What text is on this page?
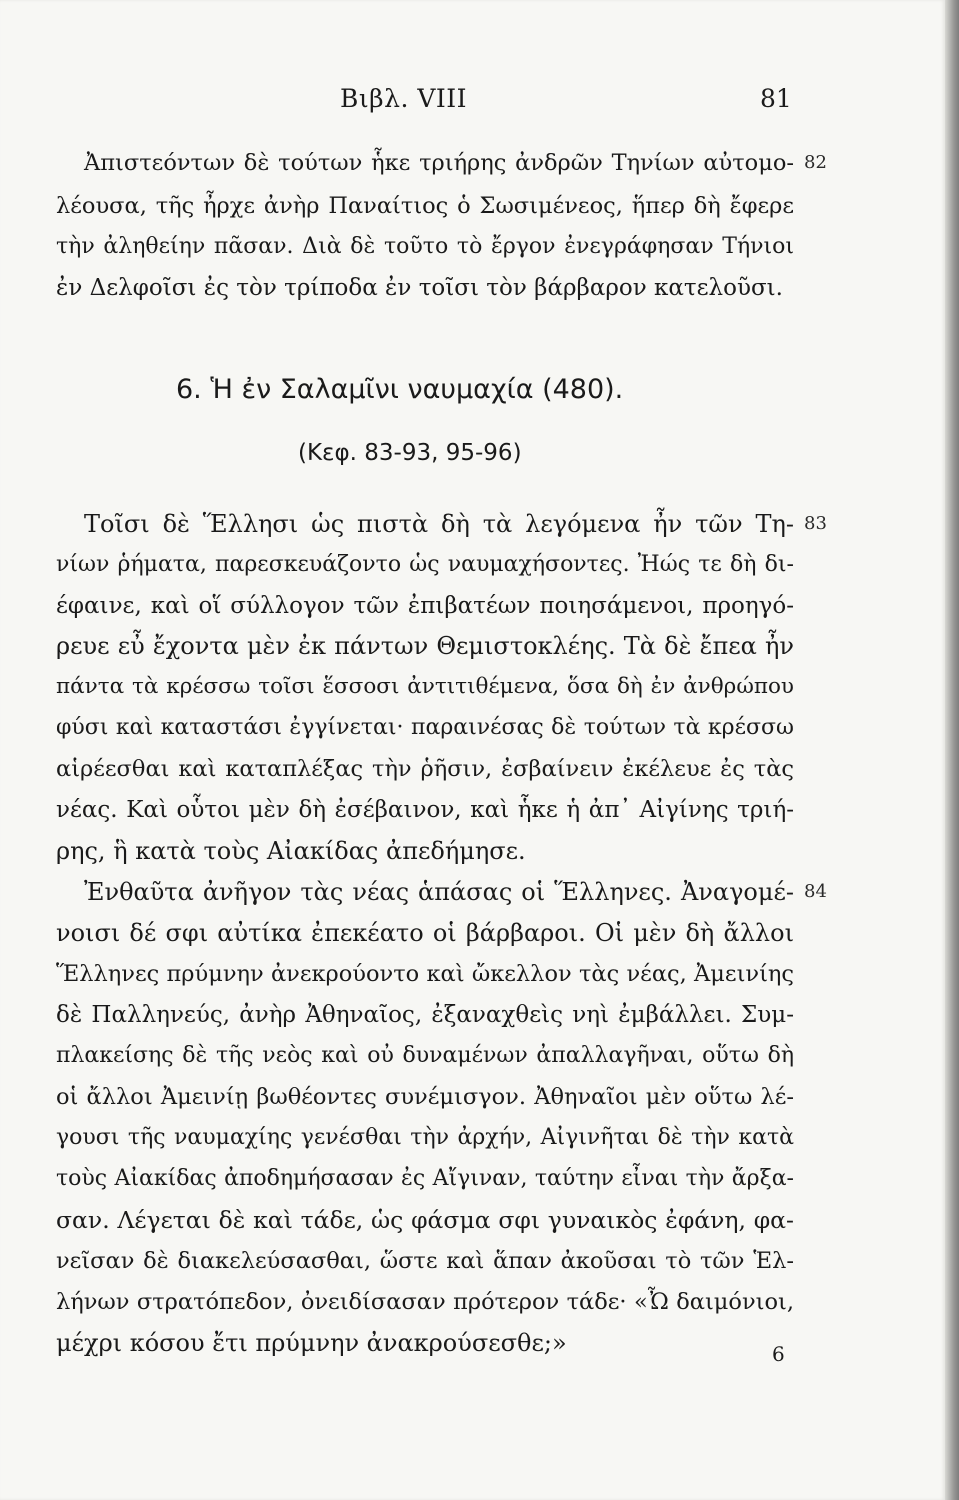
Βιβλ. VIII	81
Ἀπιστεόντων δὲ τούτων ἧκε τριήρης ἀνδρῶν Τηνίων αὐτομο- 82
λέουσα, τῆς ἦρχε ἀνὴρ Παναίτιος ὁ Σωσιμένεος, ἥπερ δὴ ἔφερε
τὴν ἀληθείην πᾶσαν. Διὰ δὲ τοῦτο τὸ ἔργον ἐνεγράφησαν Τήνιοι
ἐν Δελφοῖσι ἐς τὸν τρίποδα ἐν τοῖσι τὸν βάρβαρον κατελοῦσι.
6. Ἡ ἐν Σαλαμῖνι ναυμαχία (480).
(Κεφ. 83-93, 95-96)
Τοῖσι δὲ Ἕλλησι ὡς πιστὰ δὴ τὰ λεγόμενα ἦν τῶν Τη- 83
νίων ῥήματα, παρεσκευάζοντο ὡς ναυμαχήσοντες. Ἠώς τε δὴ δι-
έφαινε, καὶ οἵ σύλλογον τῶν ἐπιβατέων ποιησάμενοι, προηγό-
ρευε εὖ ἔχοντα μὲν ἐκ πάντων Θεμιστοκλέης. Τὰ δὲ ἔπεα ἦν
πάντα τὰ κρέσσω τοῖσι ἕσσοσι ἀντιτιθέμενα, ὅσα δὴ ἐν ἀνθρώπου
φύσι καὶ καταστάσι ἐγγίνεται· παραινέσας δὲ τούτων τὰ κρέσσω
αἱρέεσθαι καὶ καταπλέξας τὴν ῥῆσιν, ἐσβαίνειν ἐκέλευε ἐς τὰς
νέας. Καὶ οὗτοι μὲν δὴ ἐσέβαινον, καὶ ἧκε ἡ ἀπ᾽ Αἰγίνης τριή-
ρης, ἣ κατὰ τοὺς Αἰακίδας ἀπεδήμησε.
Ἐνθαῦτα ἀνῆγον τὰς νέας ἁπάσας οἱ Ἕλληνες. Ἀναγομέ- 84
νοισι δέ σφι αὐτίκα ἐπεκέατο οἱ βάρβαροι. Οἱ μὲν δὴ ἄλλοι
Ἕλληνες πρύμνην ἀνεκρούοντο καὶ ὤκελλον τὰς νέας, Ἀμεινίης
δὲ Παλληνεύς, ἀνὴρ Ἀθηναῖος, ἐξαναχθεὶς νηὶ ἐμβάλλει. Συμ-
πλακείσης δὲ τῆς νεὸς καὶ οὐ δυναμένων ἀπαλλαγῆναι, οὕτω δὴ
οἱ ἄλλοι Ἀμεινίῃ βωθέοντες συνέμισγον. Ἀθηναῖοι μὲν οὕτω λέ-
γουσι τῆς ναυμαχίης γενέσθαι τὴν ἀρχήν, Αἰγινῆται δὲ τὴν κατὰ
τοὺς Αἰακίδας ἀποδημήσασαν ἐς Αἴγιναν, ταύτην εἶναι τὴν ἄρξα-
σαν. Λέγεται δὲ καὶ τάδε, ὡς φάσμα σφι γυναικὸς ἐφάνη, φα-
νεῖσαν δὲ διακελεύσασθαι, ὥστε καὶ ἅπαν ἀκοῦσαι τὸ τῶν Ἑλ-
λήνων στρατόπεδον, ὀνειδίσασαν πρότερον τάδε· «Ὦ δαιμόνιοι,
μέχρι κόσου ἔτι πρύμνην ἀνακρούσεσθε;»	6
